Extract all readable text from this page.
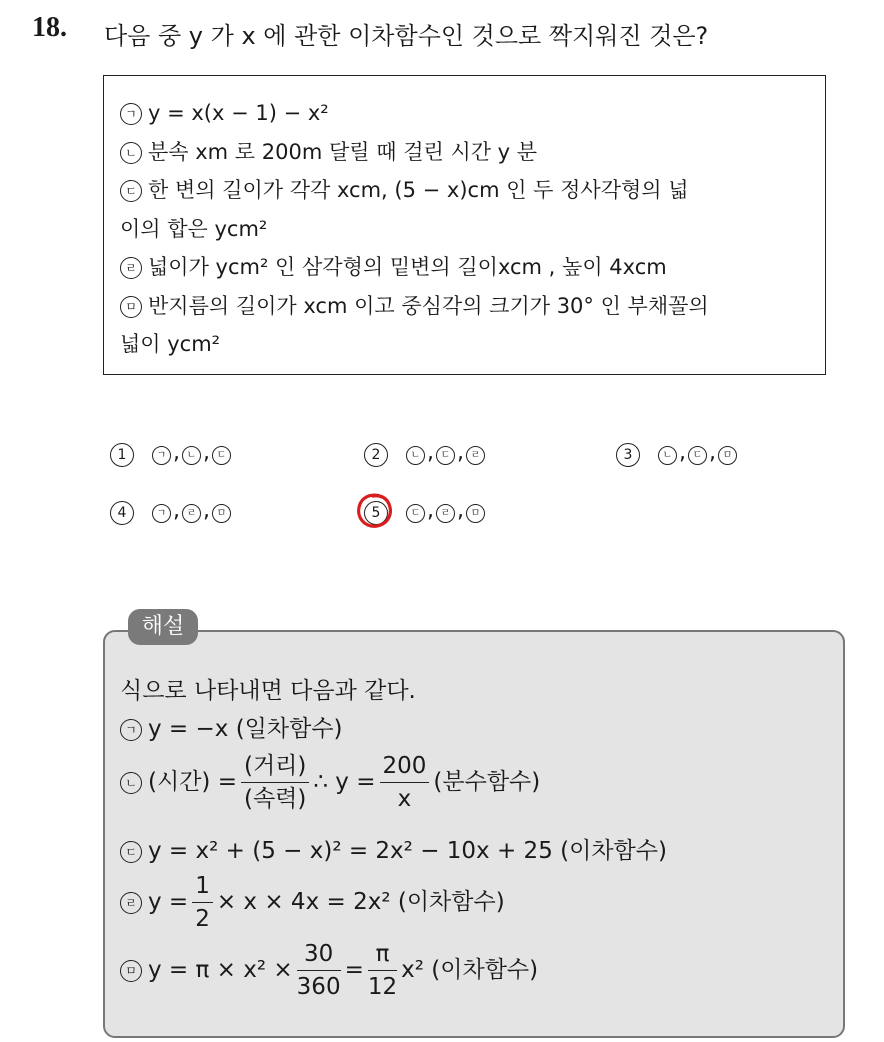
18. 다음 중 y 가 x 에 관한 이차함수인 것으로 짝지워진 것은?
ㄱ y = x(x − 1) − x²
ㄴ 분속 xm 로 200m 달릴 때 걸린 시간 y 분
ㄷ 한 변의 길이가 각각 xcm, (5 − x)cm 인 두 정사각형의 넓
이의 합은 ycm²
ㄹ 넓이가 ycm² 인 삼각형의 밑변의 길이xcm , 높이 4xcm
ㅁ 반지름의 길이가 xcm 이고 중심각의 크기가 30° 인 부채꼴의
넓이 ycm²
1	ㄱ , ㄴ , ㄷ	2	ㄴ , ㄷ , ㄹ	3	ㄴ , ㄷ , ㅁ
4	ㄱ , ㄹ , ㅁ	5	ㄷ , ㄹ , ㅁ
해설
식으로 나타내면 다음과 같다.
ㄱ y = −x (일차함수)
ㄴ (시간) = $\frac{\text{(거리)}}{\text{(속력)}}$ ∴ $y = \frac{200}{x}$ (분수함수)
ㄷ y = x² + (5 − x)² = 2x² − 10x + 25 (이차함수)
ㄹ $y = \frac{1}{2} \times x \times 4x = 2x^2$ (이차함수)
ㅁ $y = \pi \times x^2 \times \frac{30}{360} = \frac{\pi}{12} x^2$ (이차함수)
